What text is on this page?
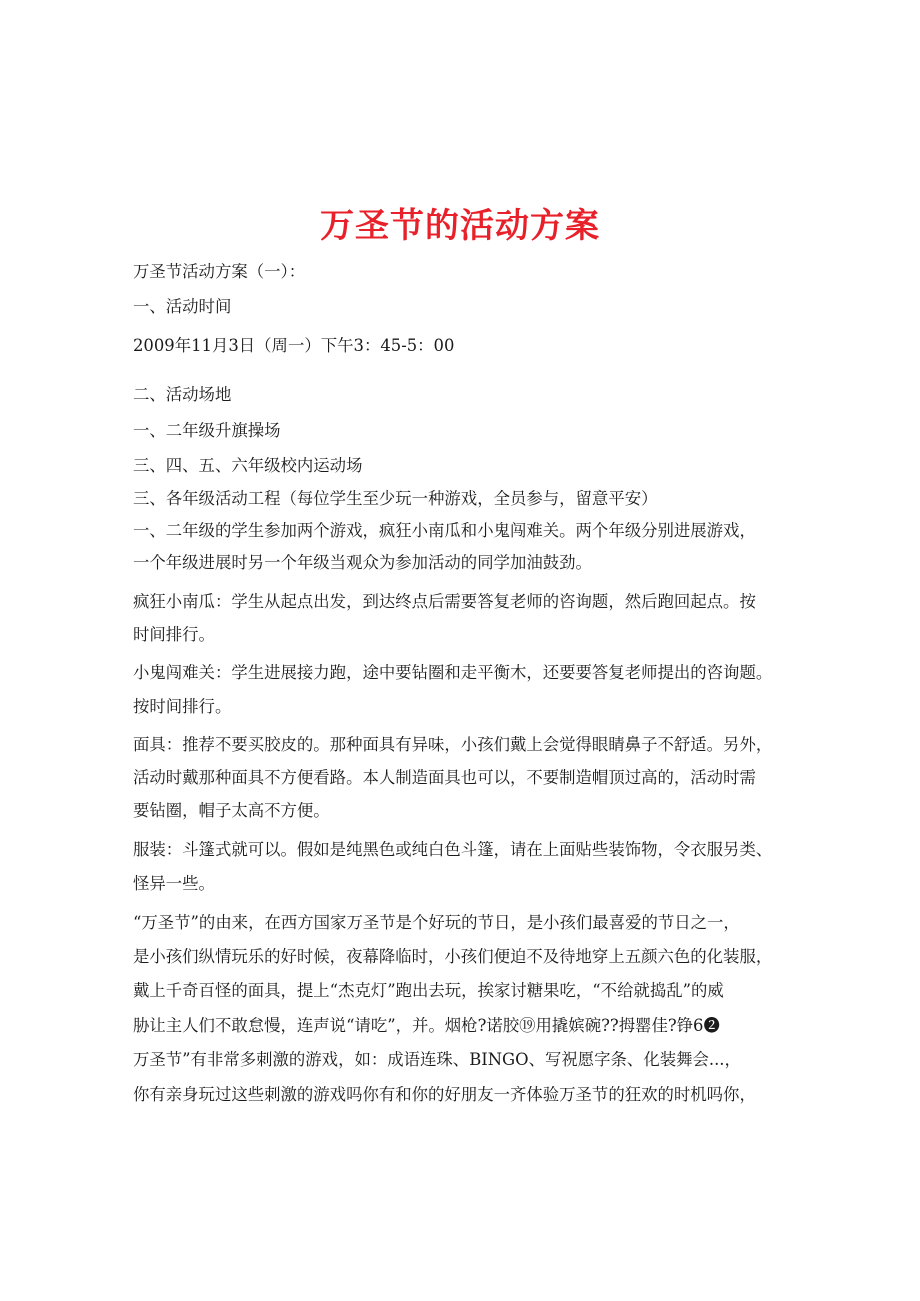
万圣节的活动方案

万圣节活动方案（一）：

一、活动时间

2009年11月3日（周一）下午3：45-5：00

二、活动场地

一、二年级升旗操场

三、四、五、六年级校内运动场

三、各年级活动工程（每位学生至少玩一种游戏，全员参与，留意平安）

一、二年级的学生参加两个游戏，疯狂小南瓜和小鬼闯难关。两个年级分别进展游戏，

一个年级进展时另一个年级当观众为参加活动的同学加油鼓劲。

疯狂小南瓜：学生从起点出发，到达终点后需要答复老师的咨询题，然后跑回起点。按

时间排行。

小鬼闯难关：学生进展接力跑，途中要钻圈和走平衡木，还要要答复老师提出的咨询题。

按时间排行。

面具：推荐不要买胶皮的。那种面具有异味，小孩们戴上会觉得眼睛鼻子不舒适。另外，

活动时戴那种面具不方便看路。本人制造面具也可以，不要制造帽顶过高的，活动时需

要钻圈，帽子太高不方便。

服装：斗篷式就可以。假如是纯黑色或纯白色斗篷，请在上面贴些装饰物，令衣服另类、

怪异一些。

“万圣节”的由来，在西方国家万圣节是个好玩的节日，是小孩们最喜爱的节日之一，

是小孩们纵情玩乐的好时候，夜幕降临时，小孩们便迫不及待地穿上五颜六色的化装服，

戴上千奇百怪的面具，提上“杰克灯”跑出去玩，挨家讨糖果吃，“不给就捣乱”的威

胁让主人们不敢怠慢，连声说“请吃”，并。烟枪?诺胶⑲用撬嫔碗??拇罂佳?铮6❷

万圣节”有非常多刺激的游戏，如：成语连珠、BINGO、写祝愿字条、化装舞会...，

你有亲身玩过这些刺激的游戏吗你有和你的好朋友一齐体验万圣节的狂欢的时机吗你，
